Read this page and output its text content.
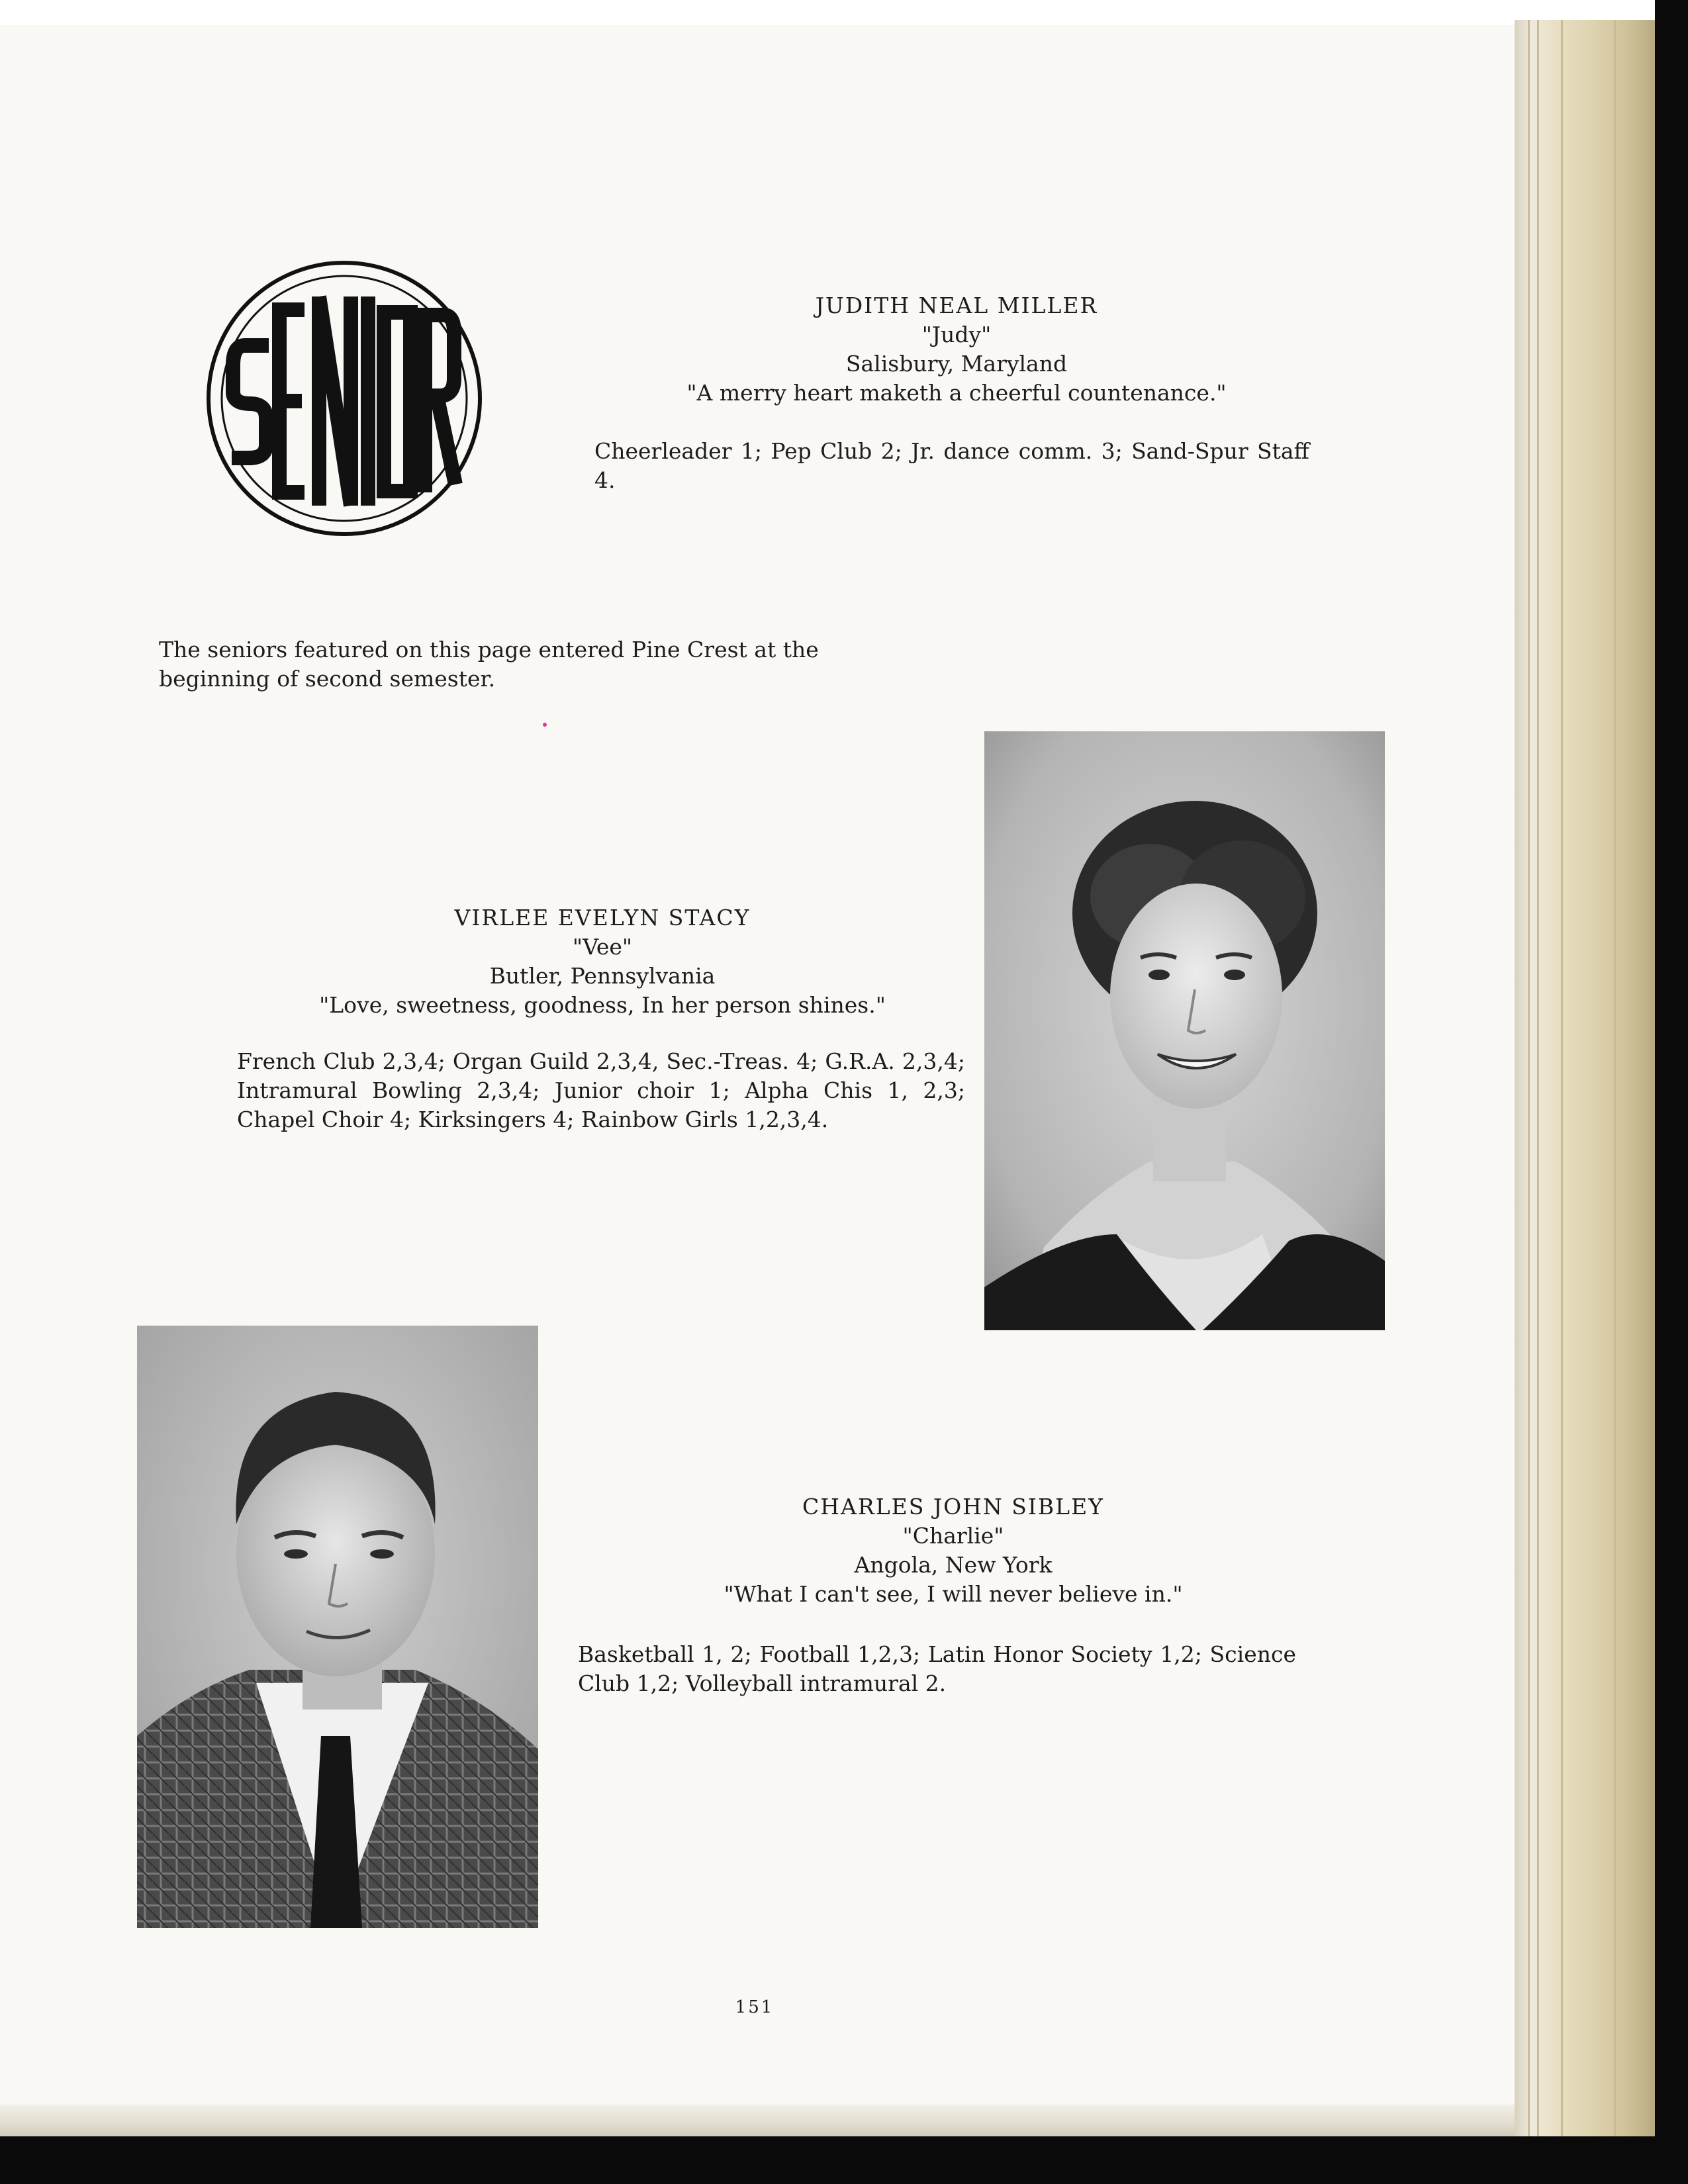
SENIORS
JUDITH NEAL MILLER
"Judy"
Salisbury, Maryland
"A merry heart maketh a cheerful countenance."
Cheerleader 1; Pep Club 2; Jr. dance comm. 3; Sand-Spur Staff 4.
The seniors featured on this page entered Pine Crest at the beginning of second semester.
VIRLEE EVELYN STACY
"Vee"
Butler, Pennsylvania
"Love, sweetness, goodness, In her person shines."
French Club 2,3,4; Organ Guild 2,3,4, Sec.-Treas. 4; G.R.A. 2,3,4; Intramural Bowling 2,3,4; Junior choir 1; Alpha Chis 1, 2,3; Chapel Choir 4; Kirksingers 4; Rainbow Girls 1,2,3,4.
CHARLES JOHN SIBLEY
"Charlie"
Angola, New York
"What I can't see, I will never believe in."
Basketball 1, 2; Football 1,2,3; Latin Honor Society 1,2; Science Club 1,2; Volleyball intramural 2.
151
